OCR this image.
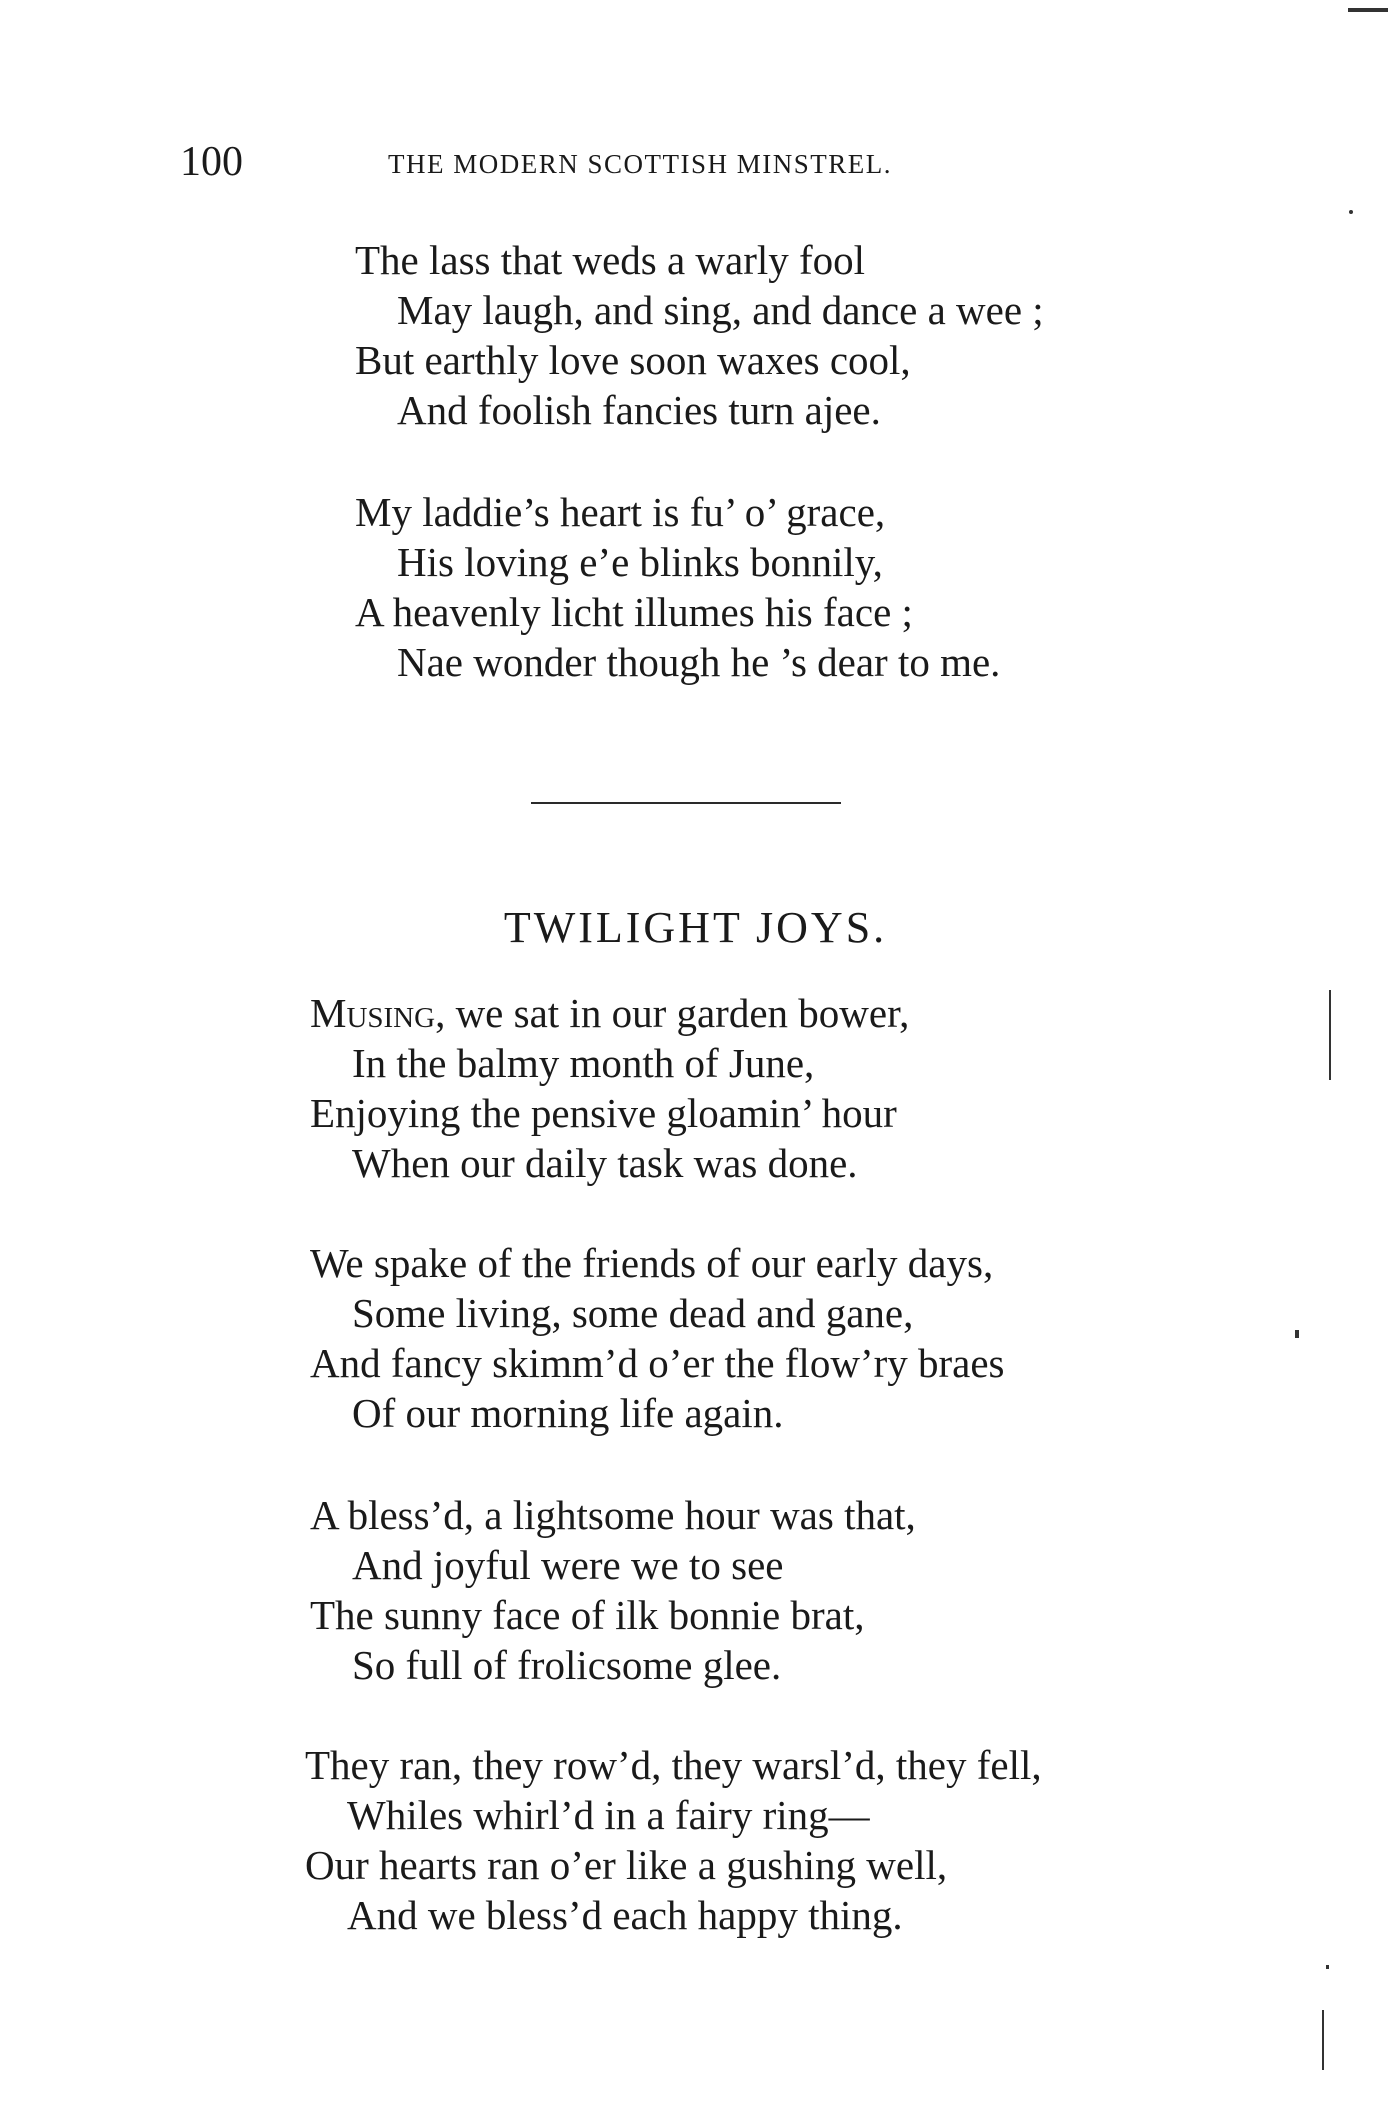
100	THE MODERN SCOTTISH MINSTREL.
The lass that weds a warly fool
May laugh, and sing, and dance a wee ;
But earthly love soon waxes cool,
And foolish fancies turn ajee.
My laddie’s heart is fu’ o’ grace,
His loving e’e blinks bonnily,
A heavenly licht illumes his face ;
Nae wonder though he ’s dear to me.
TWILIGHT JOYS.
Musing, we sat in our garden bower,
In the balmy month of June,
Enjoying the pensive gloamin’ hour
When our daily task was done.
We spake of the friends of our early days,
Some living, some dead and gane,
And fancy skimm’d o’er the flow’ry braes
Of our morning life again.
A bless’d, a lightsome hour was that,
And joyful were we to see
The sunny face of ilk bonnie brat,
So full of frolicsome glee.
They ran, they row’d, they warsl’d, they fell,
Whiles whirl’d in a fairy ring—
Our hearts ran o’er like a gushing well,
And we bless’d each happy thing.
